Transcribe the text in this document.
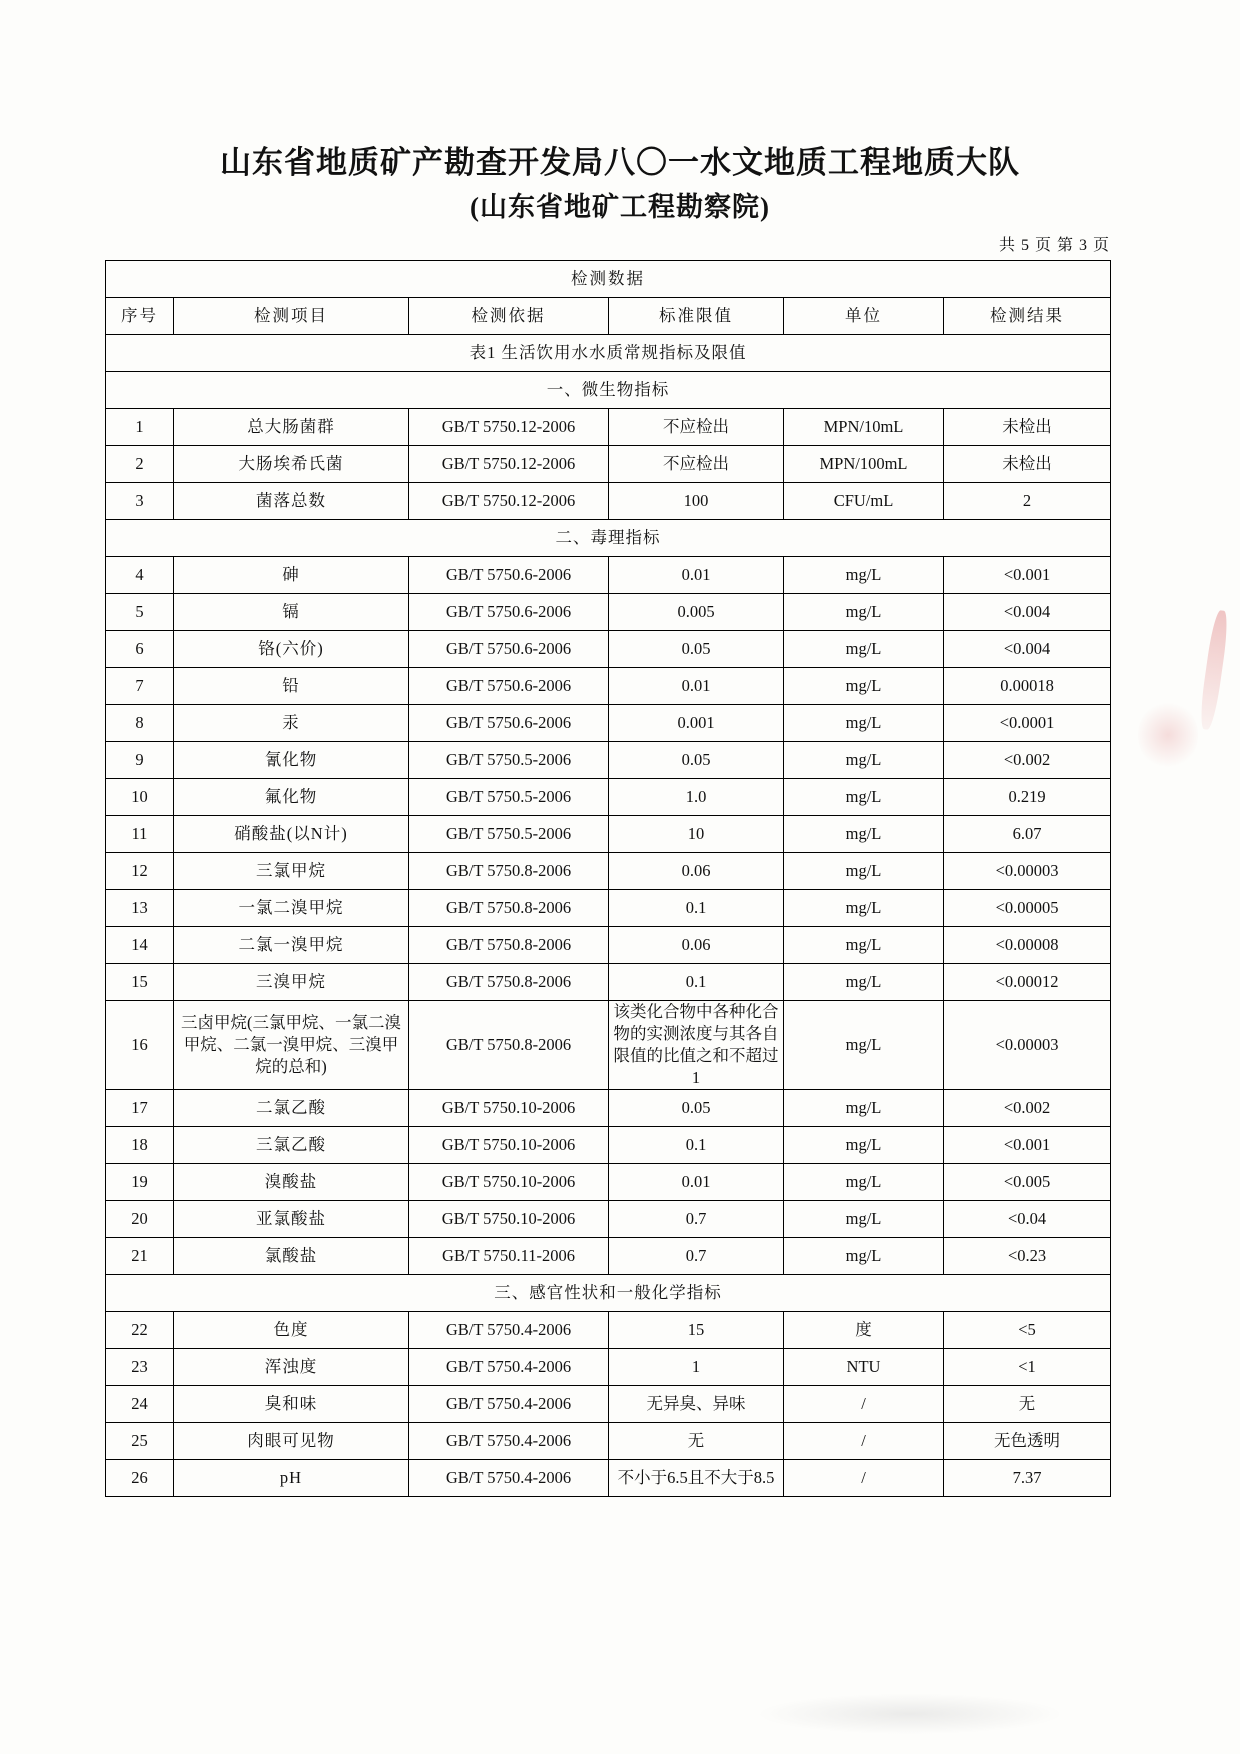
山东省地质矿产勘查开发局八〇一水文地质工程地质大队
(山东省地矿工程勘察院)
共 5 页 第 3 页
检测数据					
序号	检测项目	检测依据	标准限值	单位	检测结果
表1 生活饮用水水质常规指标及限值					
一、微生物指标					
1	总大肠菌群	GB/T 5750.12-2006	不应检出	MPN/10mL	未检出
2	大肠埃希氏菌	GB/T 5750.12-2006	不应检出	MPN/100mL	未检出
3	菌落总数	GB/T 5750.12-2006	100	CFU/mL	2
二、毒理指标					
4	砷	GB/T 5750.6-2006	0.01	mg/L	<0.001
5	镉	GB/T 5750.6-2006	0.005	mg/L	<0.004
6	铬(六价)	GB/T 5750.6-2006	0.05	mg/L	<0.004
7	铅	GB/T 5750.6-2006	0.01	mg/L	0.00018
8	汞	GB/T 5750.6-2006	0.001	mg/L	<0.0001
9	氰化物	GB/T 5750.5-2006	0.05	mg/L	<0.002
10	氟化物	GB/T 5750.5-2006	1.0	mg/L	0.219
11	硝酸盐(以N计)	GB/T 5750.5-2006	10	mg/L	6.07
12	三氯甲烷	GB/T 5750.8-2006	0.06	mg/L	<0.00003
13	一氯二溴甲烷	GB/T 5750.8-2006	0.1	mg/L	<0.00005
14	二氯一溴甲烷	GB/T 5750.8-2006	0.06	mg/L	<0.00008
15	三溴甲烷	GB/T 5750.8-2006	0.1	mg/L	<0.00012
16	三卤甲烷(三氯甲烷、一氯二溴甲烷、二氯一溴甲烷、三溴甲烷的总和)	GB/T 5750.8-2006	该类化合物中各种化合物的实测浓度与其各自限值的比值之和不超过1	mg/L	<0.00003
17	二氯乙酸	GB/T 5750.10-2006	0.05	mg/L	<0.002
18	三氯乙酸	GB/T 5750.10-2006	0.1	mg/L	<0.001
19	溴酸盐	GB/T 5750.10-2006	0.01	mg/L	<0.005
20	亚氯酸盐	GB/T 5750.10-2006	0.7	mg/L	<0.04
21	氯酸盐	GB/T 5750.11-2006	0.7	mg/L	<0.23
三、感官性状和一般化学指标					
22	色度	GB/T 5750.4-2006	15	度	<5
23	浑浊度	GB/T 5750.4-2006	1	NTU	<1
24	臭和味	GB/T 5750.4-2006	无异臭、异味	/	无
25	肉眼可见物	GB/T 5750.4-2006	无	/	无色透明
26	pH	GB/T 5750.4-2006	不小于6.5且不大于8.5	/	7.37
